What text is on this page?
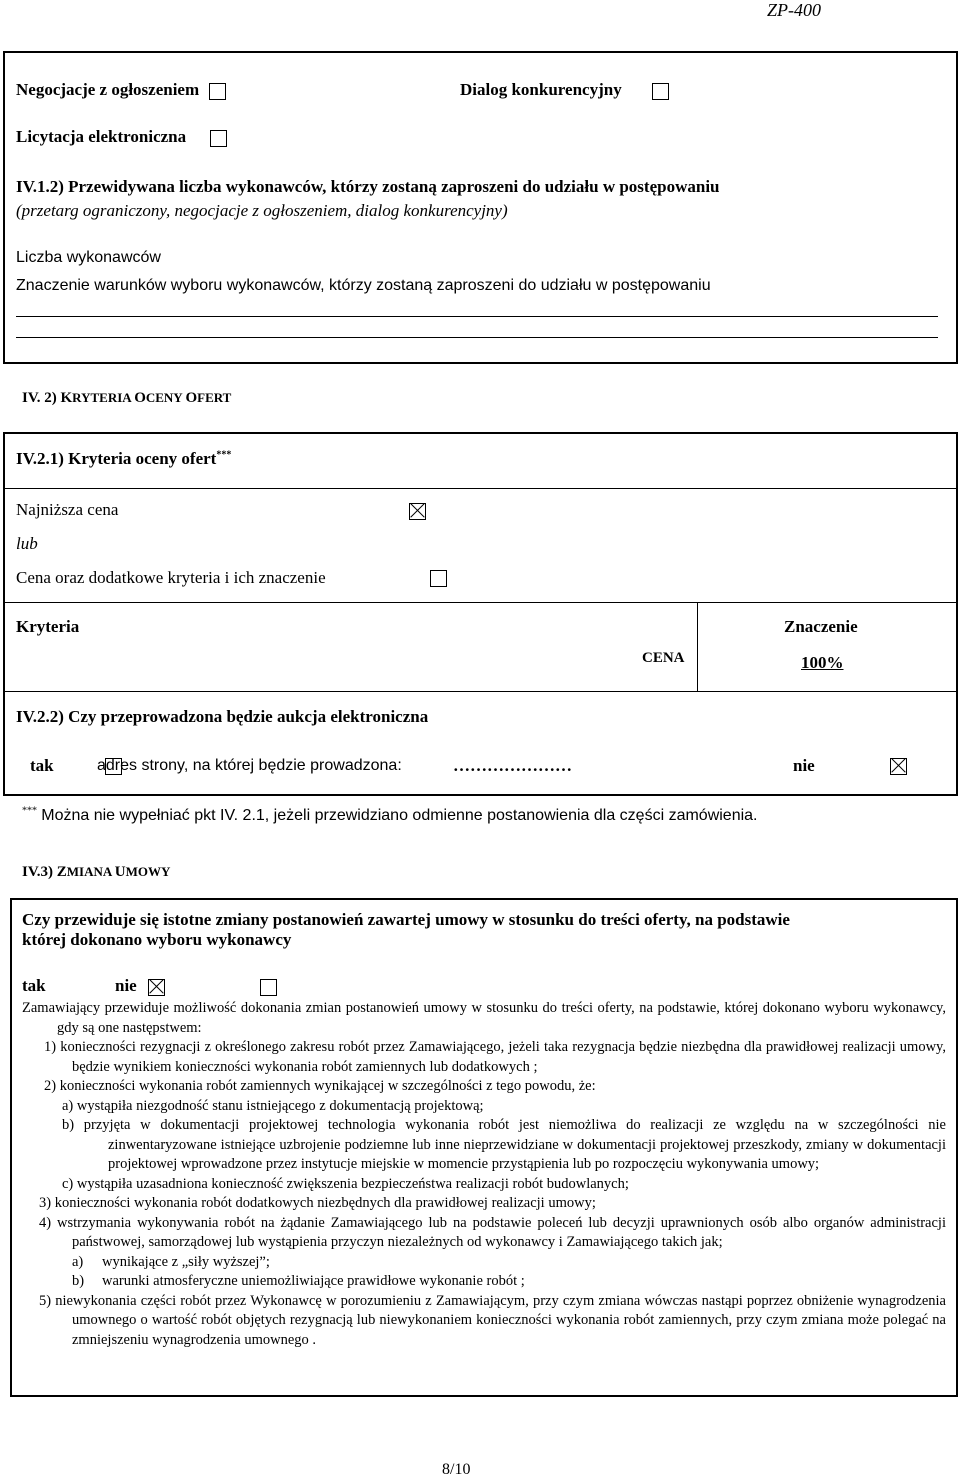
ZP-400
Negocjacje z ogłoszeniem	Dialog konkurencyjny
Licytacja elektroniczna
IV.1.2) Przewidywana liczba wykonawców, którzy zostaną zaproszeni do udziału w postępowaniu
(przetarg ograniczony, negocjacje z ogłoszeniem, dialog konkurencyjny)
Liczba wykonawców
Znaczenie warunków wyboru wykonawców, którzy zostaną zaproszeni do udziału w postępowaniu
IV. 2) KRYTERIA OCENY OFERT
IV.2.1) Kryteria oceny ofert***
Najniższa cena

lub
Cena oraz dodatkowe kryteria i ich znaczenie

Kryteria	Znaczenie
CENA	100%
IV.2.2) Czy przeprowadzona będzie aukcja elektroniczna
tak
	adres strony, na której będzie prowadzona:	…………………	nie

*** Można nie wypełniać pkt IV. 2.1, jeżeli przewidziano odmienne postanowienia dla części zamówienia.
IV.3) ZMIANA UMOWY
Czy przewiduje się istotne zmiany postanowień zawartej umowy w stosunku do treści oferty, na podstawie
której dokonano wyboru wykonawcy
tak
	nie

Zamawiający przewiduje możliwość dokonania zmian postanowień umowy w stosunku do treści oferty, na podstawie, której dokonano wyboru wykonawcy, gdy są one następstwem:

1) konieczności rezygnacji z określonego zakresu robót przez Zamawiającego, jeżeli taka rezygnacja będzie niezbędna dla prawidłowej realizacji umowy, będzie wynikiem konieczności wykonania robót zamiennych lub dodatkowych ;

2) konieczności wykonania robót zamiennych wynikającej w szczególności z tego powodu, że:

a) wystąpiła niezgodność stanu istniejącego z dokumentacją projektową;

b) przyjęta w dokumentacji projektowej technologia wykonania robót jest niemożliwa do realizacji ze względu na w szczególności nie zinwentaryzowane istniejące uzbrojenie podziemne lub inne nieprzewidziane w dokumentacji projektowej przeszkody, zmiany w dokumentacji projektowej wprowadzone przez instytucje miejskie w momencie przystąpienia lub po rozpoczęciu wykonywania umowy;

c) wystąpiła uzasadniona konieczność zwiększenia bezpieczeństwa realizacji robót budowlanych;

3) konieczności wykonania robót dodatkowych niezbędnych dla prawidłowej realizacji umowy;

4) wstrzymania wykonywania robót na żądanie Zamawiającego lub na podstawie poleceń lub decyzji uprawnionych osób albo organów administracji państwowej, samorządowej lub wystąpienia przyczyn niezależnych od wykonawcy i Zamawiającego takich jak;

a) wynikające z „siły wyższej”;

b) warunki atmosferyczne uniemożliwiające prawidłowe wykonanie robót ;

5) niewykonania części robót przez Wykonawcę w porozumieniu z Zamawiającym, przy czym zmiana wówczas nastąpi poprzez obniżenie wynagrodzenia umownego o wartość robót objętych rezygnacją lub niewykonaniem konieczności wykonania robót zamiennych, przy czym zmiana może polegać na zmniejszeniu wynagrodzenia umownego .

8/10
